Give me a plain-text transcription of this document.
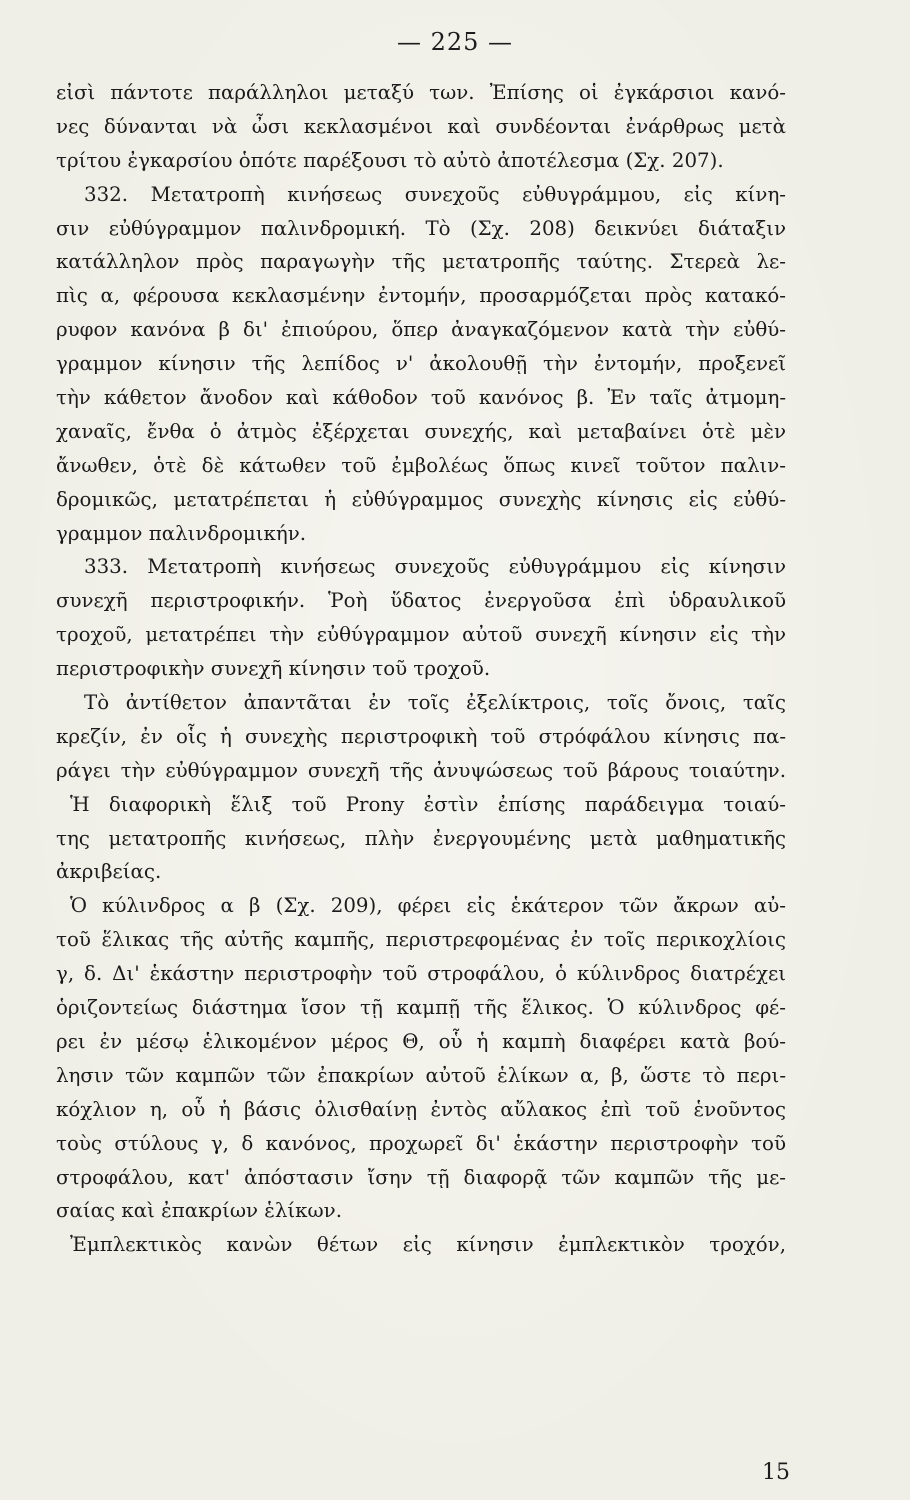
— 225 —
εἰσὶ πάντοτε παράλληλοι μεταξύ των. Ἐπίσης οἱ ἐγκάρσιοι κανό-
νες δύνανται νὰ ὦσι κεκλασμένοι καὶ συνδέονται ἐνάρθρως μετὰ
τρίτου ἐγκαρσίου ὁπότε παρέξουσι τὸ αὐτὸ ἀποτέλεσμα (Σχ. 207).
332. Μετατροπὴ κινήσεως συνεχοῦς εὐθυγράμμου, εἰς κίνη-
σιν εὐθύγραμμον παλινδρομική. Τὸ (Σχ. 208) δεικνύει διάταξιν
κατάλληλον πρὸς παραγωγὴν τῆς μετατροπῆς ταύτης. Στερεὰ λε-
πὶς α, φέρουσα κεκλασμένην ἐντομήν, προσαρμόζεται πρὸς κατακό-
ρυφον κανόνα β δι' ἐπιούρου, ὅπερ ἀναγκαζόμενον κατὰ τὴν εὐθύ-
γραμμον κίνησιν τῆς λεπίδος ν' ἀκολουθῇ τὴν ἐντομήν, προξενεῖ
τὴν κάθετον ἄνοδον καὶ κάθοδον τοῦ κανόνος β. Ἐν ταῖς ἀτμομη-
χαναῖς, ἔνθα ὁ ἀτμὸς ἐξέρχεται συνεχής, καὶ μεταβαίνει ὁτὲ μὲν
ἄνωθεν, ὁτὲ δὲ κάτωθεν τοῦ ἐμβολέως ὅπως κινεῖ τοῦτον παλιν-
δρομικῶς, μετατρέπεται ἡ εὐθύγραμμος συνεχὴς κίνησις εἰς εὐθύ-
γραμμον παλινδρομικήν.
333. Μετατροπὴ κινήσεως συνεχοῦς εὐθυγράμμου εἰς κίνησιν
συνεχῆ περιστροφικήν. Ῥοὴ ὕδατος ἐνεργοῦσα ἐπὶ ὑδραυλικοῦ
τροχοῦ, μετατρέπει τὴν εὐθύγραμμον αὐτοῦ συνεχῆ κίνησιν εἰς τὴν
περιστροφικὴν συνεχῆ κίνησιν τοῦ τροχοῦ.
Τὸ ἀντίθετον ἀπαντᾶται ἐν τοῖς ἐξελίκτροις, τοῖς ὄνοις, ταῖς
κρεζίν, ἐν οἷς ἡ συνεχὴς περιστροφικὴ τοῦ στρόφάλου κίνησις πα-
ράγει τὴν εὐθύγραμμον συνεχῆ τῆς ἀνυψώσεως τοῦ βάρους τοιαύτην.
Ἡ διαφορικὴ ἕλιξ τοῦ Prony ἐστὶν ἐπίσης παράδειγμα τοιαύ-
της μετατροπῆς κινήσεως, πλὴν ἐνεργουμένης μετὰ μαθηματικῆς
ἀκριβείας.
Ὁ κύλινδρος α β (Σχ. 209), φέρει εἰς ἑκάτερον τῶν ἄκρων αὐ-
τοῦ ἕλικας τῆς αὐτῆς καμπῆς, περιστρεφομένας ἐν τοῖς περικοχλίοις
γ, δ. Δι' ἑκάστην περιστροφὴν τοῦ στροφάλου, ὁ κύλινδρος διατρέχει
ὁριζοντείως διάστημα ἴσον τῇ καμπῇ τῆς ἕλικος. Ὁ κύλινδρος φέ-
ρει ἐν μέσῳ ἑλικομένον μέρος Θ, οὗ ἡ καμπὴ διαφέρει κατὰ βού-
λησιν τῶν καμπῶν τῶν ἐπακρίων αὐτοῦ ἑλίκων α, β, ὥστε τὸ περι-
κόχλιον η, οὗ ἡ βάσις ὀλισθαίνῃ ἐντὸς αὔλακος ἐπὶ τοῦ ἑνοῦντος
τοὺς στύλους γ, δ κανόνος, προχωρεῖ δι' ἑκάστην περιστροφὴν τοῦ
στροφάλου, κατ' ἀπόστασιν ἴσην τῇ διαφορᾷ τῶν καμπῶν τῆς με-
σαίας καὶ ἐπακρίων ἑλίκων.
Ἐμπλεκτικὸς κανὼν θέτων εἰς κίνησιν ἐμπλεκτικὸν τροχόν,
15
